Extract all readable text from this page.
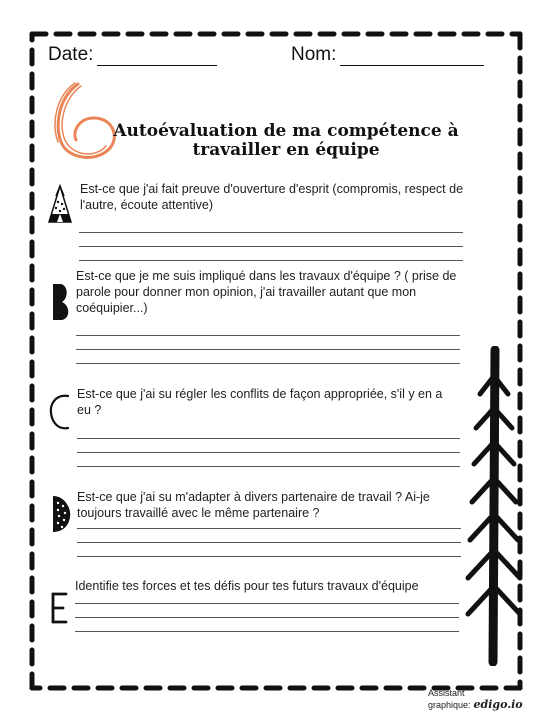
Date:	Nom:
Autoévaluation de ma compétence à
travailler en équipe
Est-ce que j'ai fait preuve d'ouverture d'esprit (compromis, respect de l'autre, écoute attentive)
Est-ce que je me suis impliqué dans les travaux d'équipe ? ( prise de parole pour donner mon opinion, j'ai travailler autant que mon coéquipier...)
Est-ce que j'ai su régler les conflits de façon appropriée, s'il y en a eu ?
Est-ce que j'ai su m'adapter à divers partenaire de travail ? Ai-je toujours travaillé avec le même partenaire ?
Identifie tes forces et tes défis pour tes futurs travaux d'équipe
Assistant graphique: edigo.io
